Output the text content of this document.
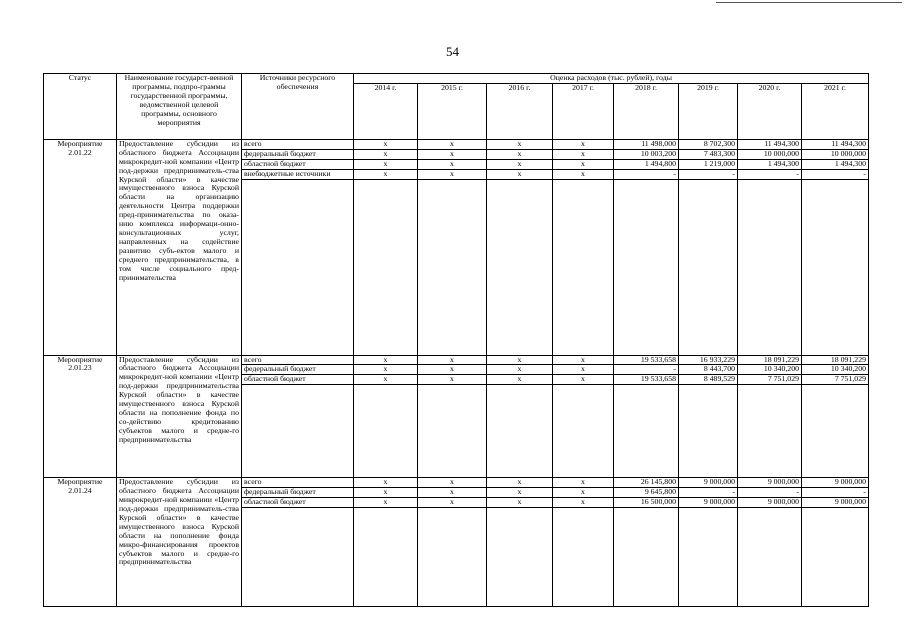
54
Статус	Наименование государст-венной программы, подпро-граммы государственной программы, ведомственной целевой программы, основного мероприятия	Источники ресурсного обеспечения	Оценка расходов (тыс. рублей), годы							
			2014 г.	2015 г.	2016 г.	2017 г.	2018 г.	2019 г.	2020 г.	2021 г.
Мероприятие 2.01.22	Предоставление субсидии из областного бюджета Ассоциации микрокредит-ной компании «Центр под-держки предприниматель-ства Курской области» в качестве имущественного взноса Курской области на организацию деятельности Центра поддержки пред-принимательства по оказа-нию комплекса информаци-онно-консультационных услуг, направленных на содействие развитию субъ-ектов малого и среднего предпринимательства, в том числе социального пред-принимательства	всего	x	x	x	x	11 498,000	8 702,300	11 494,300	11 494,300
		федеральный бюджет	x	x	x	x	10 003,200	7 483,300	10 000,000	10 000,000
		областной бюджет	x	x	x	x	1 494,800	1 219,000	1 494,300	1 494,300
		внебюджетные источники	x	x	x	x	-	-	-	-

Мероприятие 2.01.23	Предоставление субсидии из областного бюджета Ассоциации микрокредит-ной компании «Центр под-держки предпринимательства Курской области» в качестве имущественного взноса Курской области на пополнение фонда по со-действию кредитованию субъектов малого и средне-го предпринимательства	всего	x	x	x	x	19 533,658	16 933,229	18 091,229	18 091,229
		федеральный бюджет	x	x	x	x	-	8 443,700	10 340,200	10 340,200
		областной бюджет	x	x	x	x	19 533,658	8 489,529	7 751,029	7 751,029

Мероприятие 2.01.24	Предоставление субсидии из областного бюджета Ассоциации микрокредит-ной компании «Центр под-держки предприниматель-ства Курской области» в качестве имущественного взноса Курской области на пополнение фонда микро-финансирования проектов субъектов малого и средне-го предпринимательства	всего	x	x	x	x	26 145,800	9 000,000	9 000,000	9 000,000
		федеральный бюджет	x	x	x	x	9 645,800	-	-	-
		областной бюджет	x	x	x	x	16 500,000	9 000,000	9 000,000	9 000,000
